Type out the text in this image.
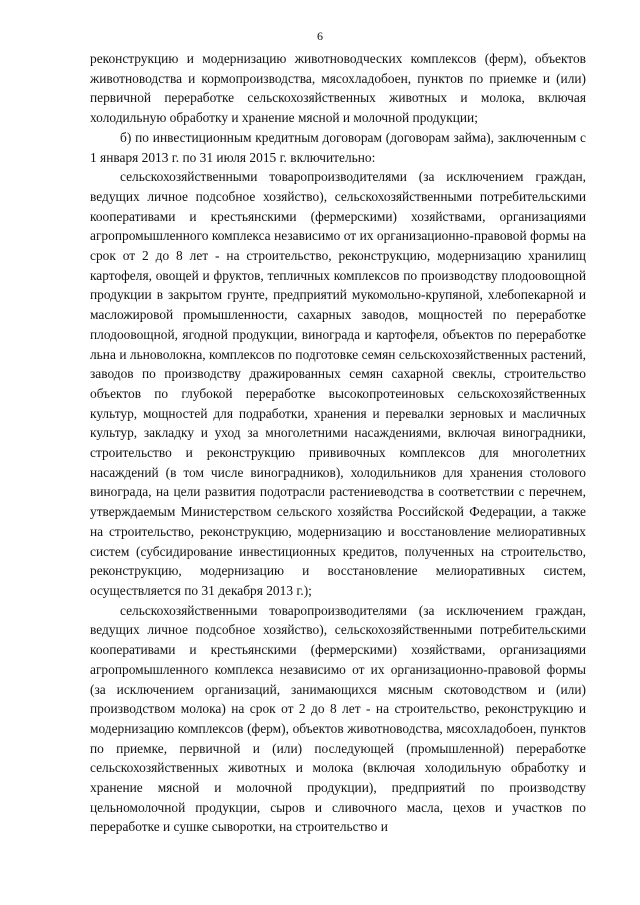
6

реконструкцию и модернизацию животноводческих комплексов (ферм), объектов животноводства и кормопроизводства, мясохладобоен, пунктов по приемке и (или) первичной переработке сельскохозяйственных животных и молока, включая холодильную обработку и хранение мясной и молочной продукции;

б) по инвестиционным кредитным договорам (договорам займа), заключенным с 1 января 2013 г. по 31 июля 2015 г. включительно:

сельскохозяйственными товаропроизводителями (за исключением граждан, ведущих личное подсобное хозяйство), сельскохозяйственными потребительскими кооперативами и крестьянскими (фермерскими) хозяйствами, организациями агропромышленного комплекса независимо от их организационно-правовой формы на срок от 2 до 8 лет - на строительство, реконструкцию, модернизацию хранилищ картофеля, овощей и фруктов, тепличных комплексов по производству плодоовощной продукции в закрытом грунте, предприятий мукомольно-крупяной, хлебопекарной и масложировой промышленности, сахарных заводов, мощностей по переработке плодоовощной, ягодной продукции, винограда и картофеля, объектов по переработке льна и льноволокна, комплексов по подготовке семян сельскохозяйственных растений, заводов по производству дражированных семян сахарной свеклы, строительство объектов по глубокой переработке высокопротеиновых сельскохозяйственных культур, мощностей для подработки, хранения и перевалки зерновых и масличных культур, закладку и уход за многолетними насаждениями, включая виноградники, строительство и реконструкцию прививочных комплексов для многолетних насаждений (в том числе виноградников), холодильников для хранения столового винограда, на цели развития подотрасли растениеводства в соответствии с перечнем, утверждаемым Министерством сельского хозяйства Российской Федерации, а также на строительство, реконструкцию, модернизацию и восстановление мелиоративных систем (субсидирование инвестиционных кредитов, полученных на строительство, реконструкцию, модернизацию и восстановление мелиоративных систем, осуществляется по 31 декабря 2013 г.);

сельскохозяйственными товаропроизводителями (за исключением граждан, ведущих личное подсобное хозяйство), сельскохозяйственными потребительскими кооперативами и крестьянскими (фермерскими) хозяйствами, организациями агропромышленного комплекса независимо от их организационно-правовой формы (за исключением организаций, занимающихся мясным скотоводством и (или) производством молока) на срок от 2 до 8 лет - на строительство, реконструкцию и модернизацию комплексов (ферм), объектов животноводства, мясохладобоен, пунктов по приемке, первичной и (или) последующей (промышленной) переработке сельскохозяйственных животных и молока (включая холодильную обработку и хранение мясной и молочной продукции), предприятий по производству цельномолочной продукции, сыров и сливочного масла, цехов и участков по переработке и сушке сыворотки, на строительство и
